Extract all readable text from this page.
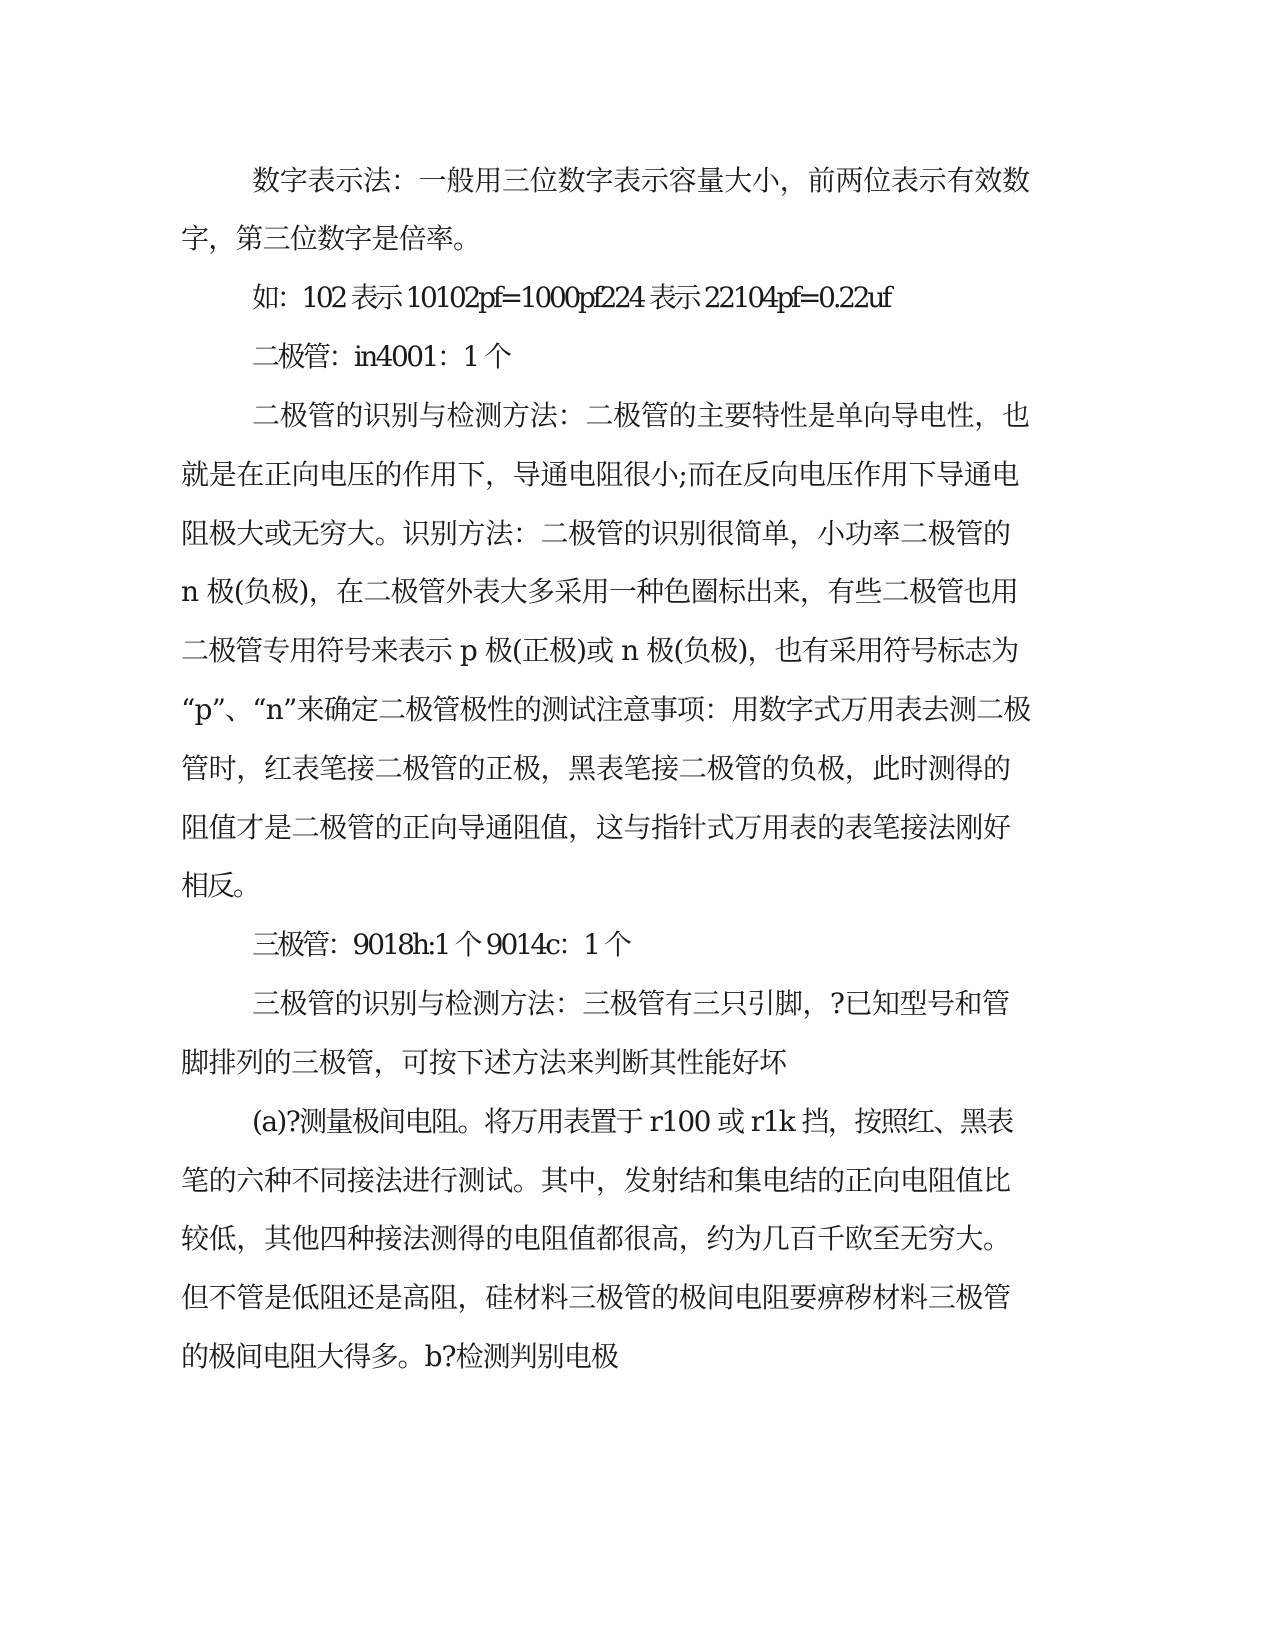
数字表示法：一般用三位数字表示容量大小，前两位表示有效数
字，第三位数字是倍率。
如：102 表示 10102pf=1000pf224 表示 22104pf=0.22uf
二极管：in4001：1 个
二极管的识别与检测方法：二极管的主要特性是单向导电性，也
就是在正向电压的作用下，导通电阻很小;而在反向电压作用下导通电
阻极大或无穷大。识别方法：二极管的识别很简单，小功率二极管的
n 极(负极)，在二极管外表大多采用一种色圈标出来，有些二极管也用
二极管专用符号来表示 p 极(正极)或 n 极(负极)，也有采用符号标志为
“p”、“n”来确定二极管极性的测试注意事项：用数字式万用表去测二极
管时，红表笔接二极管的正极，黑表笔接二极管的负极，此时测得的
阻值才是二极管的正向导通阻值，这与指针式万用表的表笔接法刚好
相反。
三极管：9018h:1 个 9014c：1 个
三极管的识别与检测方法：三极管有三只引脚，?已知型号和管
脚排列的三极管，可按下述方法来判断其性能好坏
(a)?测量极间电阻。将万用表置于 r100 或 r1k 挡，按照红、黑表
笔的六种不同接法进行测试。其中，发射结和集电结的正向电阻值比
较低，其他四种接法测得的电阻值都很高，约为几百千欧至无穷大。
但不管是低阻还是高阻，硅材料三极管的极间电阻要痹秽材料三极管
的极间电阻大得多。b?检测判别电极
